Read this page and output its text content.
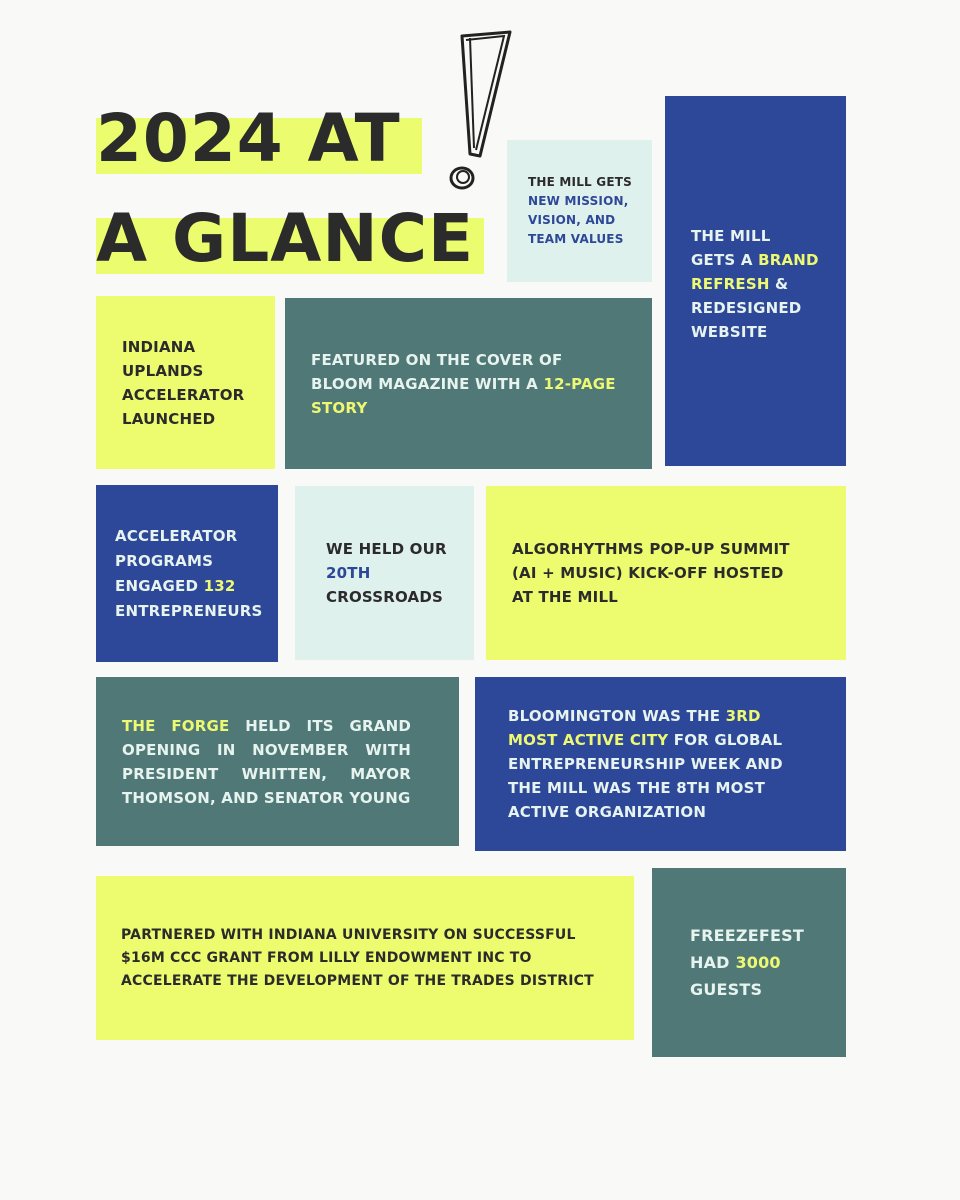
2024 AT
A GLANCE
THE MILL GETS NEW MISSION, VISION, AND TEAM VALUES	THE MILL GETS A BRAND REFRESH & REDESIGNED WEBSITE
INDIANA UPLANDS ACCELERATOR LAUNCHED
FEATURED ON THE COVER OF BLOOM MAGAZINE WITH A 12-PAGE STORY
ACCELERATOR PROGRAMS ENGAGED 132 ENTREPRENEURS
WE HELD OUR 20TH CROSSROADS
ALGORHYTHMS POP-UP SUMMIT (AI + MUSIC) KICK-OFF HOSTED AT THE MILL
THE FORGE HELD ITS GRAND OPENING IN NOVEMBER WITH PRESIDENT WHITTEN, MAYOR THOMSON, AND SENATOR YOUNG
BLOOMINGTON WAS THE 3RD MOST ACTIVE CITY FOR GLOBAL ENTREPRENEURSHIP WEEK AND THE MILL WAS THE 8TH MOST ACTIVE ORGANIZATION
PARTNERED WITH INDIANA UNIVERSITY ON SUCCESSFUL $16M CCC GRANT FROM LILLY ENDOWMENT INC TO ACCELERATE THE DEVELOPMENT OF THE TRADES DISTRICT
FREEZEFEST HAD 3000 GUESTS
